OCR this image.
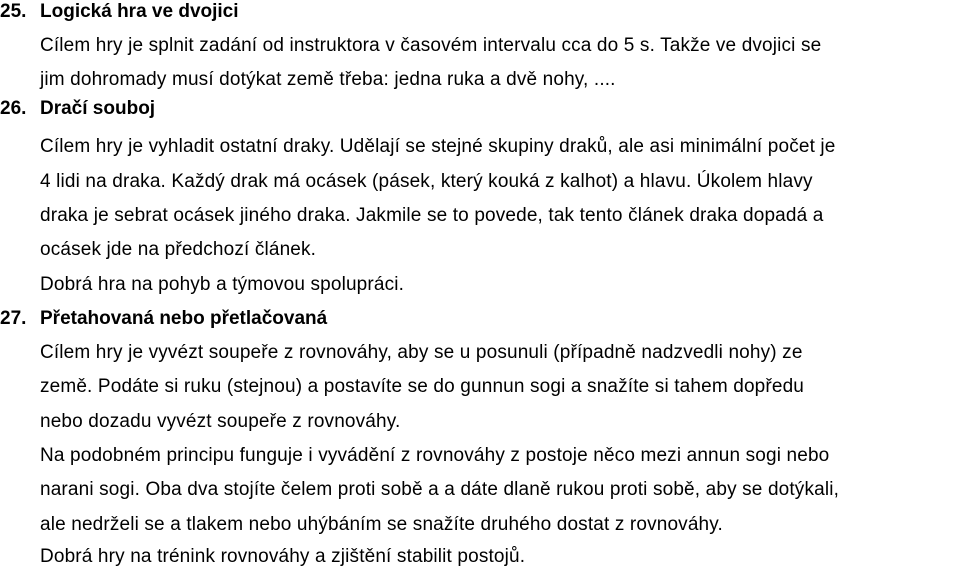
25. Logická hra ve dvojici
Cílem hry je splnit zadání od instruktora v časovém intervalu cca do 5 s. Takže ve dvojici se
jim dohromady musí dotýkat země třeba: jedna ruka a dvě nohy, ....
26. Dračí souboj
Cílem hry je vyhladit ostatní draky. Udělají se stejné skupiny draků, ale asi minimální počet je
4 lidi na draka. Každý drak má ocásek (pásek, který kouká z kalhot) a hlavu. Úkolem hlavy
draka je sebrat ocásek jiného draka. Jakmile se to povede, tak tento článek draka dopadá a
ocásek jde na předchozí článek.
Dobrá hra na pohyb a týmovou spolupráci.
27. Přetahovaná nebo přetlačovaná
Cílem hry je vyvézt soupeře z rovnováhy, aby se u posunuli (případně nadzvedli nohy) ze
země. Podáte si ruku (stejnou) a postavíte se do gunnun sogi a snažíte si tahem dopředu
nebo dozadu vyvézt soupeře z rovnováhy.
Na podobném principu funguje i vyvádění z rovnováhy z postoje něco mezi annun sogi nebo
narani sogi. Oba dva stojíte čelem proti sobě a a dáte dlaně rukou proti sobě, aby se dotýkali,
ale nedrželi se a tlakem nebo uhýbáním se snažíte druhého dostat z rovnováhy.
Dobrá hry na trénink rovnováhy a zjištění stabilit postojů.
